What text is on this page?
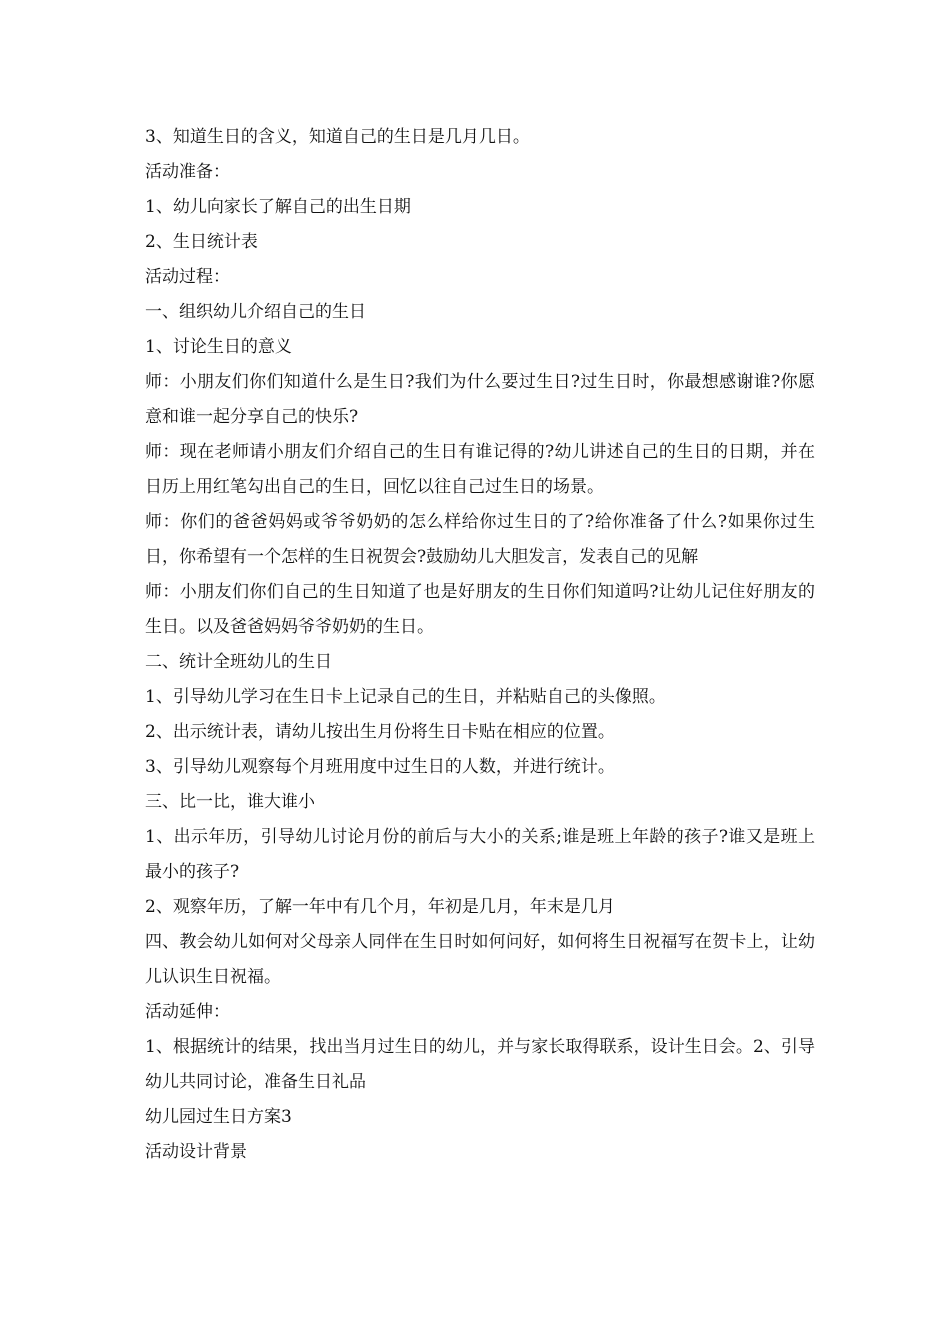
3、知道生日的含义，知道自己的生日是几月几日。

活动准备：

1、幼儿向家长了解自己的出生日期

2、生日统计表

活动过程：

一、组织幼儿介绍自己的生日

1、讨论生日的意义

师：小朋友们你们知道什么是生日?我们为什么要过生日?过生日时，你最想感谢谁?你愿意和谁一起分享自己的快乐?

师：现在老师请小朋友们介绍自己的生日有谁记得的?幼儿讲述自己的生日的日期，并在日历上用红笔勾出自己的生日，回忆以往自己过生日的场景。

师：你们的爸爸妈妈或爷爷奶奶的怎么样给你过生日的了?给你准备了什么?如果你过生日，你希望有一个怎样的生日祝贺会?鼓励幼儿大胆发言，发表自己的见解

师：小朋友们你们自己的生日知道了也是好朋友的生日你们知道吗?让幼儿记住好朋友的生日。以及爸爸妈妈爷爷奶奶的生日。

二、统计全班幼儿的生日

1、引导幼儿学习在生日卡上记录自己的生日，并粘贴自己的头像照。

2、出示统计表，请幼儿按出生月份将生日卡贴在相应的位置。

3、引导幼儿观察每个月班用度中过生日的人数，并进行统计。

三、比一比，谁大谁小

1、出示年历，引导幼儿讨论月份的前后与大小的关系;谁是班上年龄的孩子?谁又是班上最小的孩子?

2、观察年历，了解一年中有几个月，年初是几月，年末是几月

四、教会幼儿如何对父母亲人同伴在生日时如何问好，如何将生日祝福写在贺卡上，让幼儿认识生日祝福。

活动延伸：

1、根据统计的结果，找出当月过生日的幼儿，并与家长取得联系，设计生日会。2、引导幼儿共同讨论，准备生日礼品

幼儿园过生日方案3

活动设计背景
